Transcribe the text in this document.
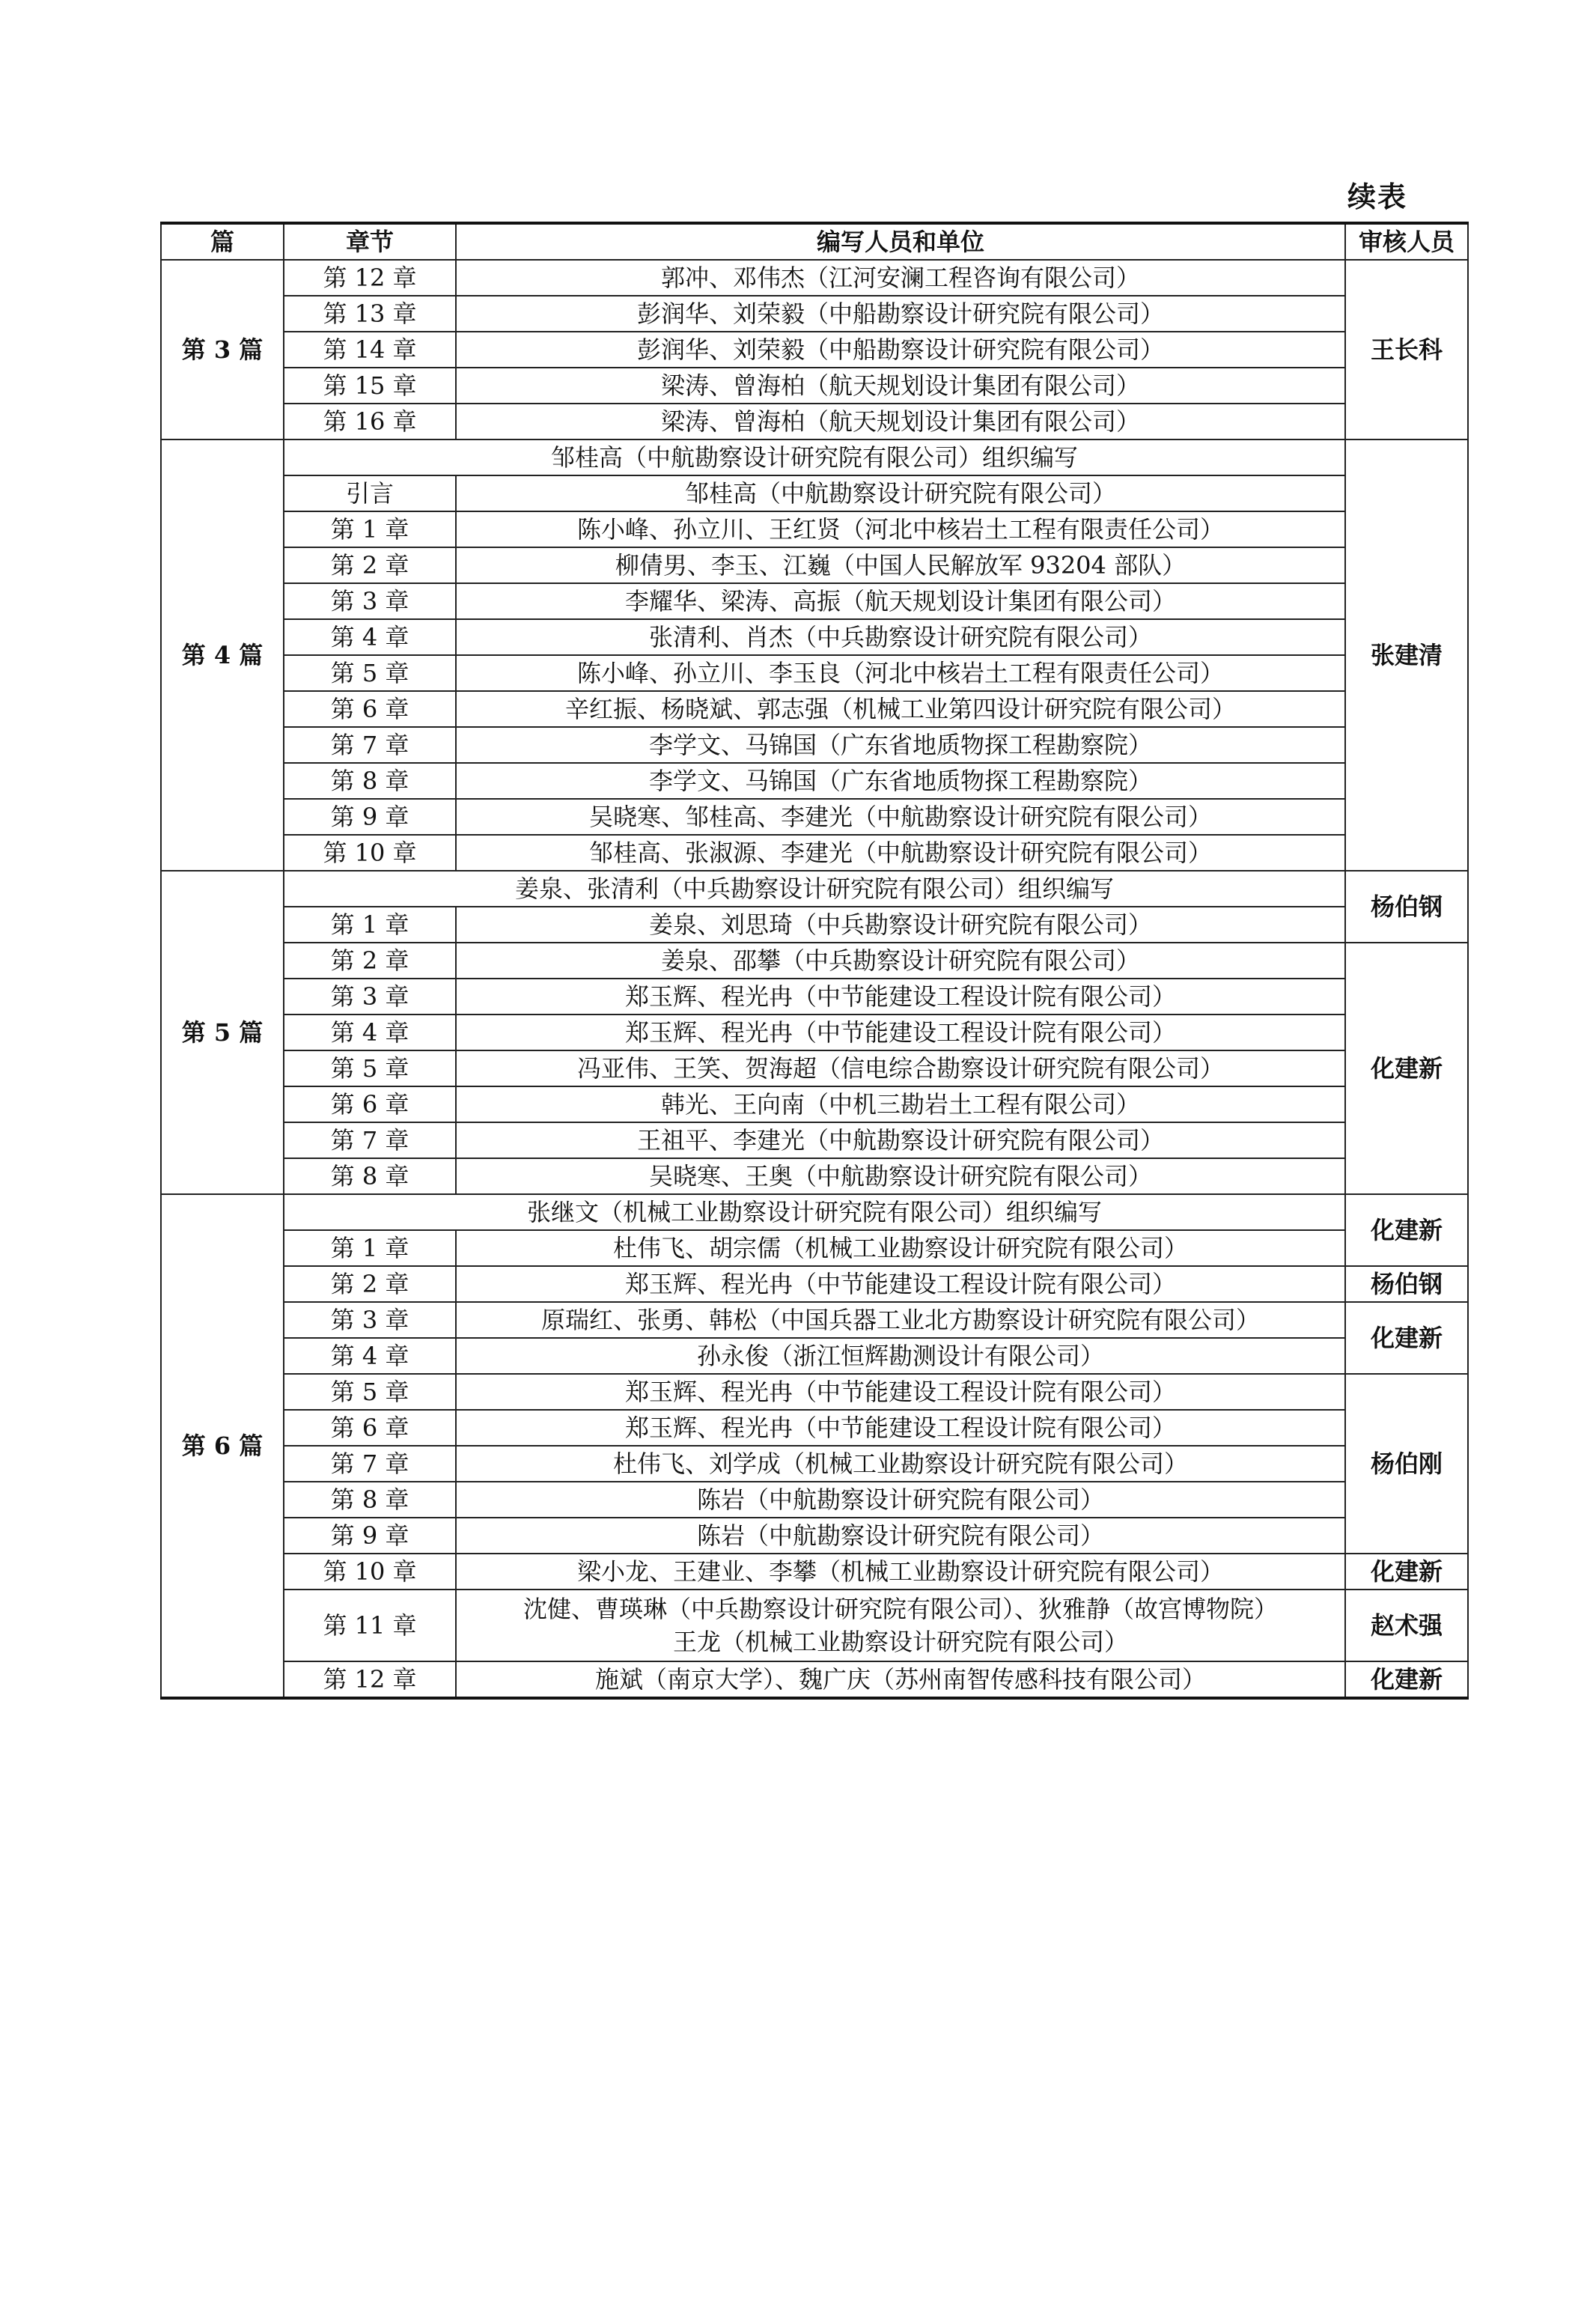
续表
篇	章节	编写人员和单位	审核人员
第 3 篇	第 12 章	郭冲、邓伟杰（江河安澜工程咨询有限公司）	王长科
	第 13 章	彭润华、刘荣毅（中船勘察设计研究院有限公司）	
	第 14 章	彭润华、刘荣毅（中船勘察设计研究院有限公司）	
	第 15 章	梁涛、曾海柏（航天规划设计集团有限公司）	
	第 16 章	梁涛、曾海柏（航天规划设计集团有限公司）	
第 4 篇	邹桂高（中航勘察设计研究院有限公司）组织编写		张建清
	引言	邹桂高（中航勘察设计研究院有限公司）	
	第 1 章	陈小峰、孙立川、王红贤（河北中核岩土工程有限责任公司）	
	第 2 章	柳倩男、李玉、江巍（中国人民解放军 93204 部队）	
	第 3 章	李耀华、梁涛、高振（航天规划设计集团有限公司）	
	第 4 章	张清利、肖杰（中兵勘察设计研究院有限公司）	
	第 5 章	陈小峰、孙立川、李玉良（河北中核岩土工程有限责任公司）	
	第 6 章	辛红振、杨晓斌、郭志强（机械工业第四设计研究院有限公司）	
	第 7 章	李学文、马锦国（广东省地质物探工程勘察院）	
	第 8 章	李学文、马锦国（广东省地质物探工程勘察院）	
	第 9 章	吴晓寒、邹桂高、李建光（中航勘察设计研究院有限公司）	
	第 10 章	邹桂高、张淑源、李建光（中航勘察设计研究院有限公司）	
第 5 篇	姜泉、张清利（中兵勘察设计研究院有限公司）组织编写		杨伯钢
	第 1 章	姜泉、刘思琦（中兵勘察设计研究院有限公司）	
	第 2 章	姜泉、邵攀（中兵勘察设计研究院有限公司）	化建新
	第 3 章	郑玉辉、程光冉（中节能建设工程设计院有限公司）	
	第 4 章	郑玉辉、程光冉（中节能建设工程设计院有限公司）	
	第 5 章	冯亚伟、王笑、贺海超（信电综合勘察设计研究院有限公司）	
	第 6 章	韩光、王向南（中机三勘岩土工程有限公司）	
	第 7 章	王祖平、李建光（中航勘察设计研究院有限公司）	
	第 8 章	吴晓寒、王奥（中航勘察设计研究院有限公司）	
第 6 篇	张继文（机械工业勘察设计研究院有限公司）组织编写		化建新
	第 1 章	杜伟飞、胡宗儒（机械工业勘察设计研究院有限公司）	
	第 2 章	郑玉辉、程光冉（中节能建设工程设计院有限公司）	杨伯钢
	第 3 章	原瑞红、张勇、韩松（中国兵器工业北方勘察设计研究院有限公司）	化建新
	第 4 章	孙永俊（浙江恒辉勘测设计有限公司）	
	第 5 章	郑玉辉、程光冉（中节能建设工程设计院有限公司）	杨伯刚
	第 6 章	郑玉辉、程光冉（中节能建设工程设计院有限公司）	
	第 7 章	杜伟飞、刘学成（机械工业勘察设计研究院有限公司）	
	第 8 章	陈岩（中航勘察设计研究院有限公司）	
	第 9 章	陈岩（中航勘察设计研究院有限公司）	
	第 10 章	梁小龙、王建业、李攀（机械工业勘察设计研究院有限公司）	化建新
	第 11 章	沈健、曹瑛琳（中兵勘察设计研究院有限公司）、狄雅静（故宫博物院）
王龙（机械工业勘察设计研究院有限公司）	赵术强
	第 12 章	施斌（南京大学）、魏广庆（苏州南智传感科技有限公司）	化建新
